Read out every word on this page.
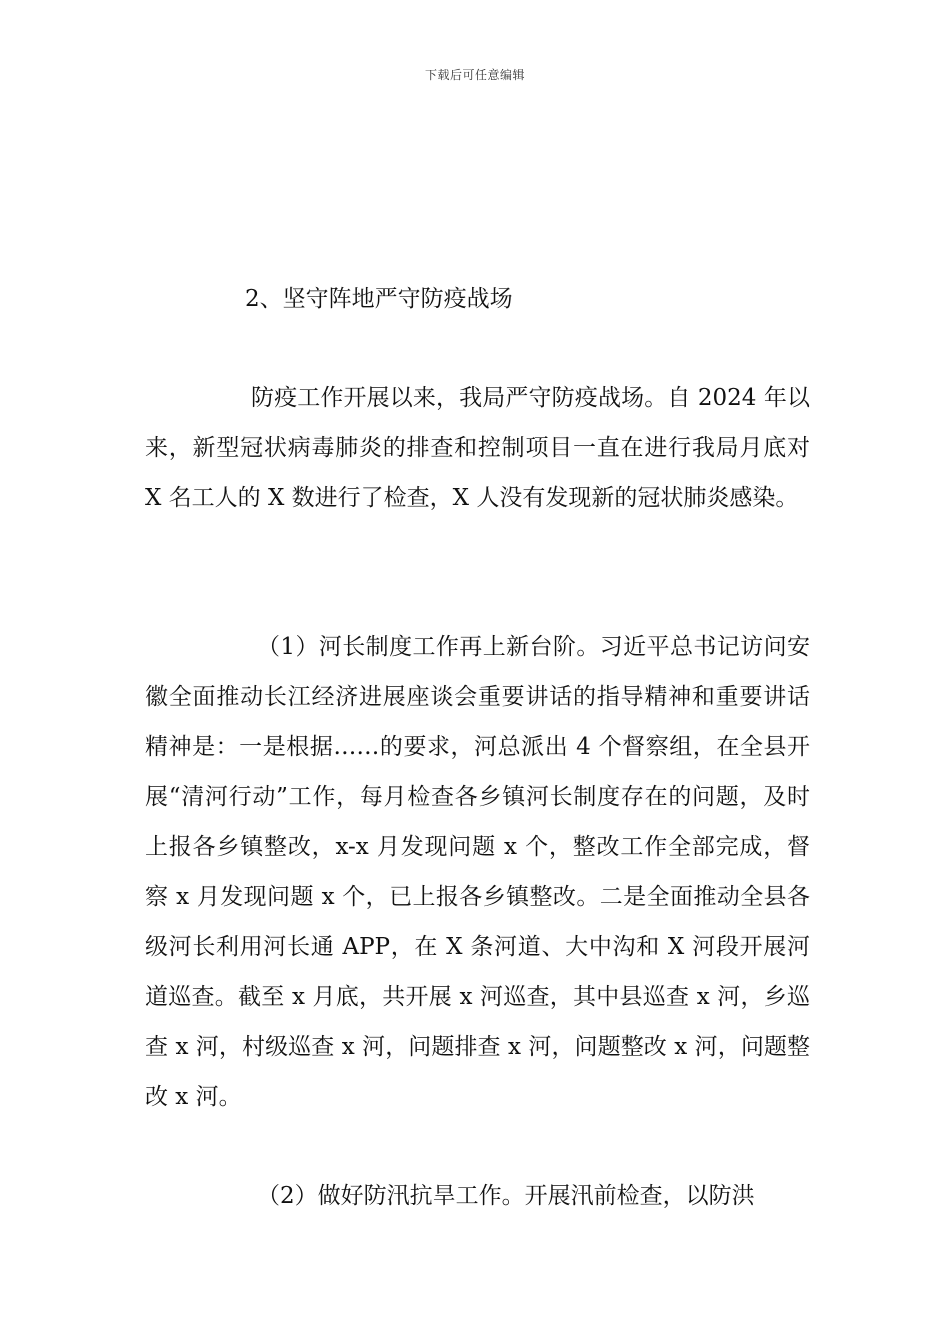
下载后可任意编辑
2、坚守阵地严守防疫战场

防疫工作开展以来，我局严守防疫战场。自 2024 年以来，新型冠状病毒肺炎的排查和控制项目一直在进行我局月底对 X 名工人的 X 数进行了检查，X 人没有发现新的冠状肺炎感染。

（1）河长制度工作再上新台阶。习近平总书记访问安徽全面推动长江经济进展座谈会重要讲话的指导精神和重要讲话精神是：一是根据……的要求，河总派出 4 个督察组，在全县开展“清河行动”工作，每月检查各乡镇河长制度存在的问题，及时上报各乡镇整改，x-x 月发现问题 x 个，整改工作全部完成，督察 x 月发现问题 x 个，已上报各乡镇整改。二是全面推动全县各级河长利用河长通 APP，在 X 条河道、大中沟和 X 河段开展河道巡查。截至 x 月底，共开展 x 河巡查，其中县巡查 x 河，乡巡查 x 河，村级巡查 x 河，问题排查 x 河，问题整改 x 河，问题整改 x 河。

（2）做好防汛抗旱工作。开展汛前检查，以防洪
